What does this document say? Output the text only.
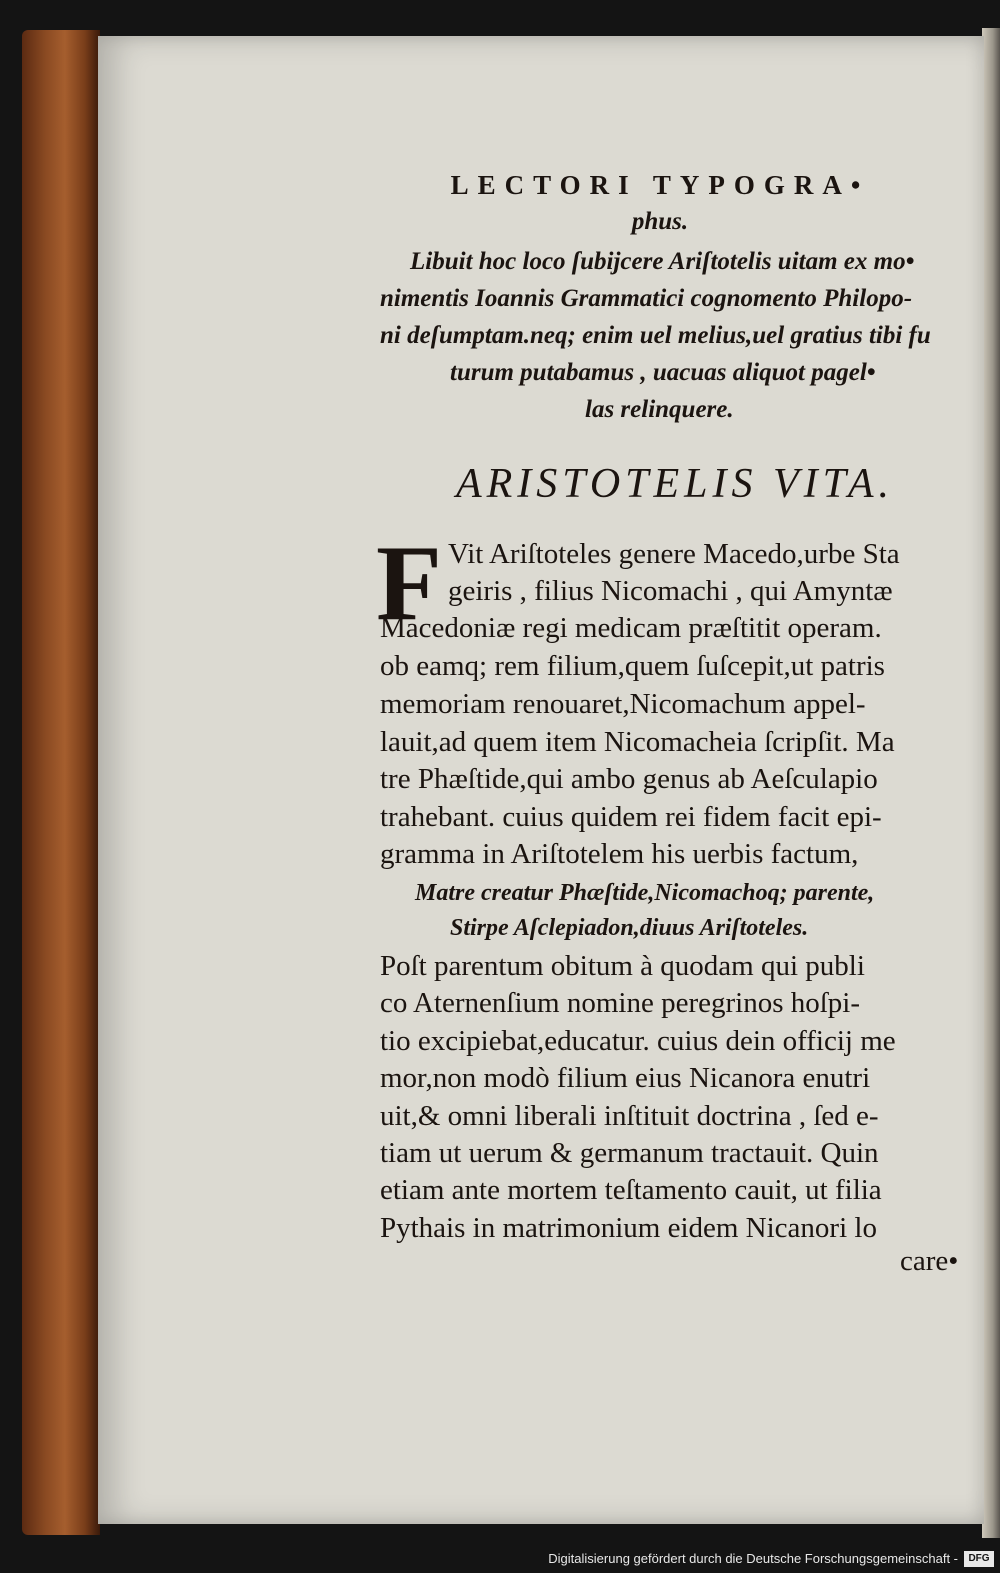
LECTORI TYPOGRA•
phus.
Libuit hoc loco ſubijcere Ariſtotelis uitam ex mo•
nimentis Ioannis Grammatici cognomento Philopo-
ni deſumptam.neq; enim uel melius,uel gratius tibi fu
turum putabamus , uacuas aliquot pagel•
las relinquere.
ARISTOTELIS VITA.
F Vit Ariſtoteles genere Macedo,urbe Sta
geiris , filius Nicomachi , qui Amyntæ
Macedoniæ regi medicam præſtitit operam.
ob eamq; rem filium,quem ſuſcepit,ut patris
memoriam renouaret,Nicomachum appel-
lauit,ad quem item Nicomacheia ſcripſit. Ma
tre Phæſtide,qui ambo genus ab Aeſculapio
trahebant. cuius quidem rei fidem facit epi-
gramma in Ariſtotelem his uerbis factum,
Matre creatur Phæſtide,Nicomachoq; parente,
Stirpe Aſclepiadon,diuus Ariſtoteles.
Poſt parentum obitum à quodam qui publi
co Aternenſium nomine peregrinos hoſpi-
tio excipiebat,educatur. cuius dein officij me
mor,non modò filium eius Nicanora enutri
uit,& omni liberali inſtituit doctrina , ſed e-
tiam ut uerum & germanum tractauit. Quin
etiam ante mortem teſtamento cauit, ut filia
Pythais in matrimonium eidem Nicanori lo
care•
Digitalisierung gefördert durch die Deutsche Forschungsgemeinschaft -	DFG
